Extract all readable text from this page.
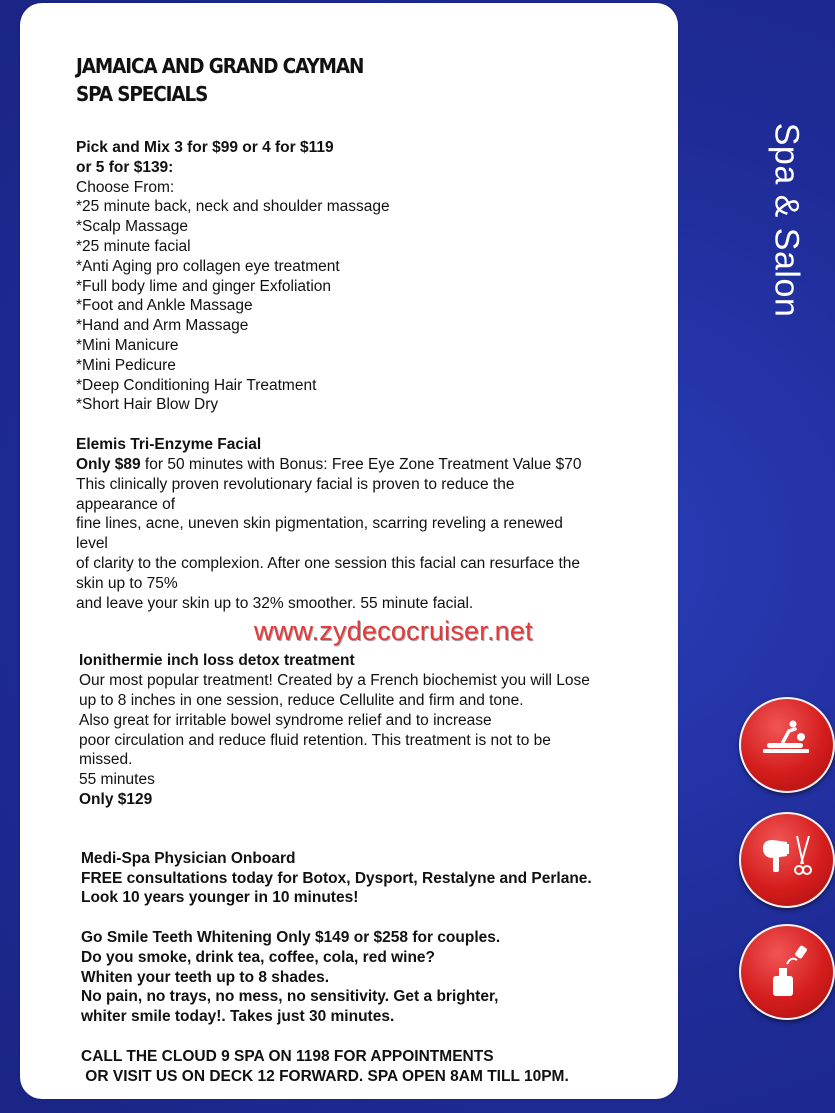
JAMAICA AND GRAND CAYMAN
SPA SPECIALS
Pick and Mix 3 for $99 or 4 for $119
or 5 for $139:
Choose From:
*25 minute back, neck and shoulder massage
*Scalp Massage
*25 minute facial
*Anti Aging pro collagen eye treatment
*Full body lime and ginger Exfoliation
*Foot and Ankle Massage
*Hand and Arm Massage
*Mini Manicure
*Mini Pedicure
*Deep Conditioning Hair Treatment
*Short Hair Blow Dry
Elemis Tri-Enzyme Facial
Only $89 for 50 minutes with Bonus: Free Eye Zone Treatment Value $70
This clinically proven revolutionary facial is proven to reduce the
appearance of
fine lines, acne, uneven skin pigmentation, scarring reveling a renewed
level
of clarity to the complexion. After one session this facial can resurface the
skin up to 75%
and leave your skin up to 32% smoother. 55 minute facial.
Ionithermie inch loss detox treatment
Our most popular treatment! Created by a French biochemist you will Lose
up to 8 inches in one session, reduce Cellulite and firm and tone.
Also great for irritable bowel syndrome relief and to increase
poor circulation and reduce fluid retention. This treatment is not to be
missed.
55 minutes
Only $129
Medi-Spa Physician Onboard
FREE consultations today for Botox, Dysport, Restalyne and Perlane.
Look 10 years younger in 10 minutes!
Go Smile Teeth Whitening Only $149 or $258 for couples.
Do you smoke, drink tea, coffee, cola, red wine?
Whiten your teeth up to 8 shades.
No pain, no trays, no mess, no sensitivity. Get a brighter,
whiter smile today!. Takes just 30 minutes.
CALL THE CLOUD 9 SPA ON 1198 FOR APPOINTMENTS
OR VISIT US ON DECK 12 FORWARD. SPA OPEN 8AM TILL 10PM.
www.zydecocruiser.net
Spa & Salon
